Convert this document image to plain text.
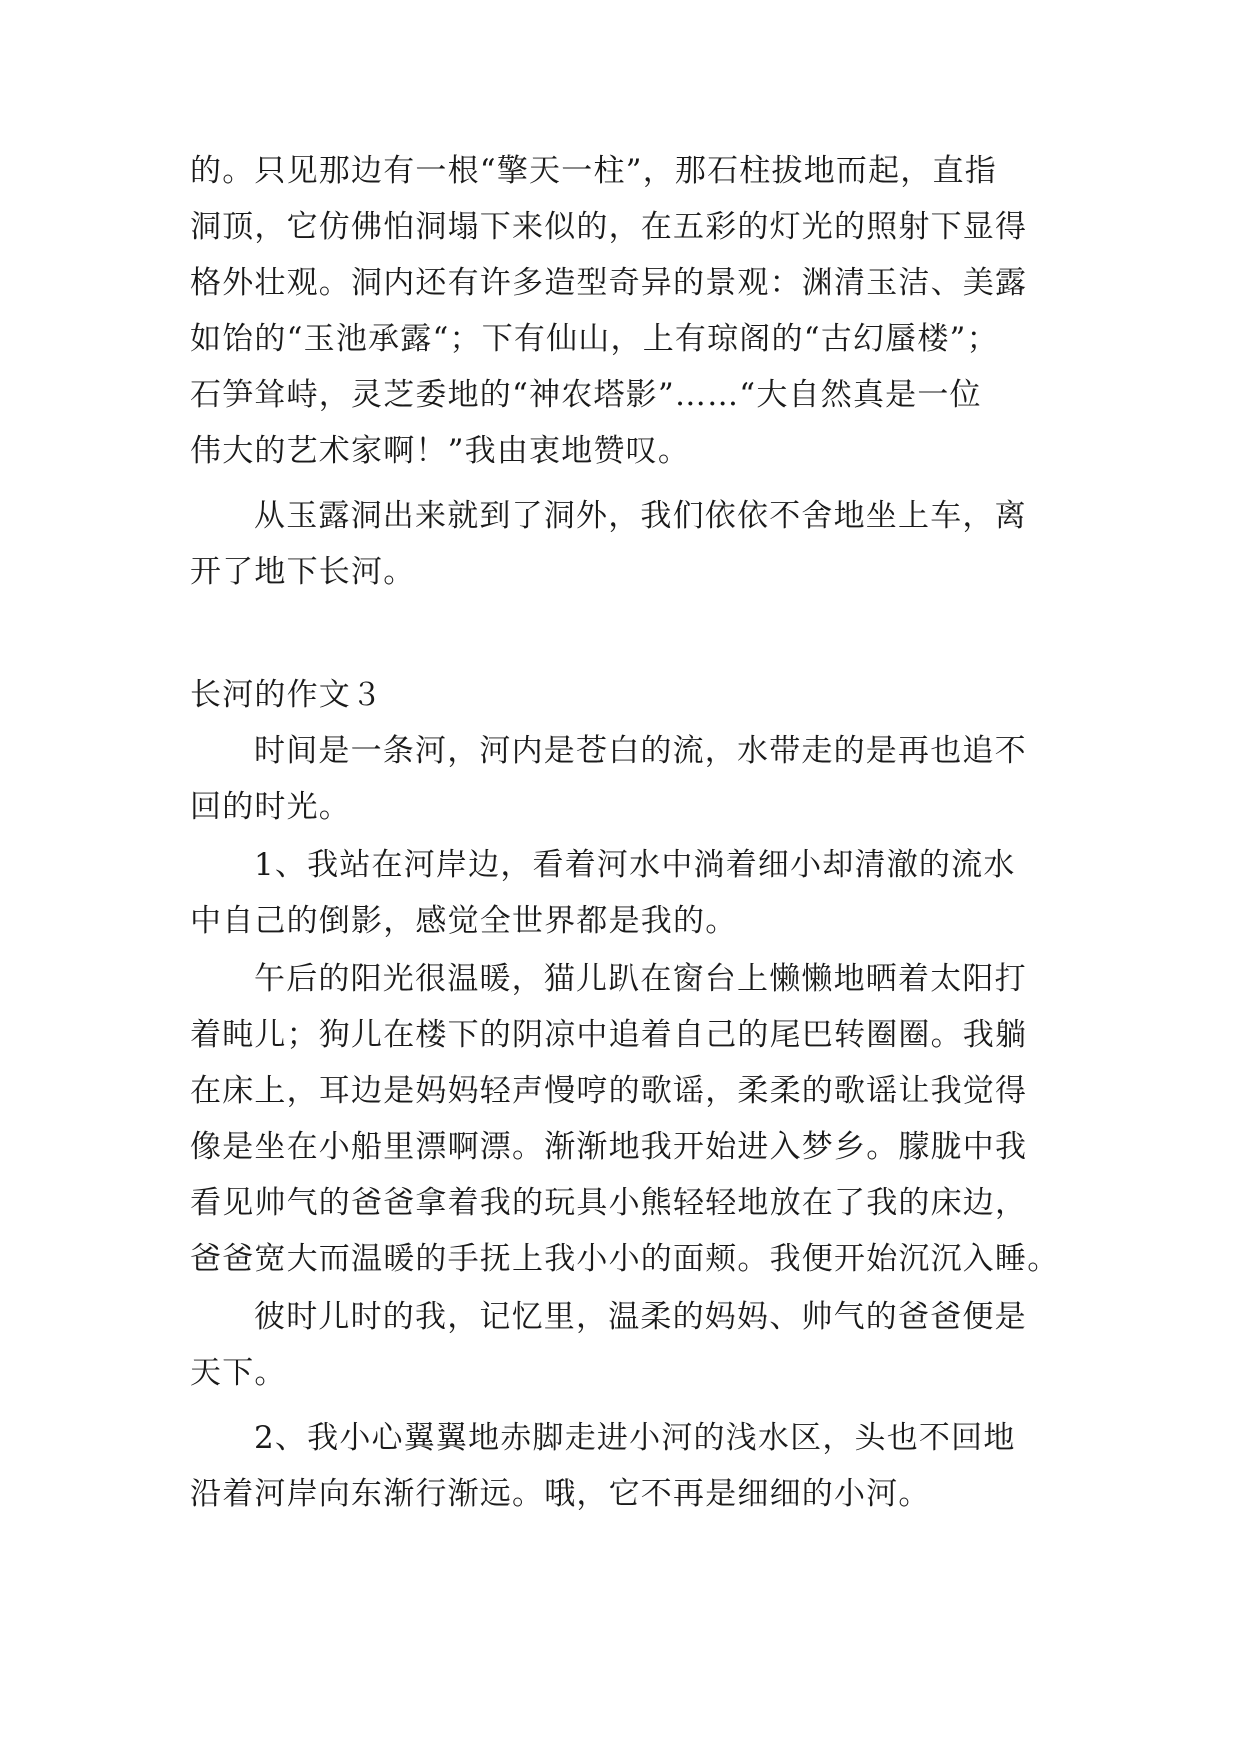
的。只见那边有一根“擎天一柱”，那石柱拔地而起，直指
洞顶，它仿佛怕洞塌下来似的，在五彩的灯光的照射下显得
格外壮观。洞内还有许多造型奇异的景观：渊清玉洁、美露
如饴的“玉池承露“；下有仙山，上有琼阁的“古幻蜃楼”；
石笋耸峙，灵芝委地的“神农塔影”……“大自然真是一位
伟大的艺术家啊！”我由衷地赞叹。
从玉露洞出来就到了洞外，我们依依不舍地坐上车，离
开了地下长河。
长河的作文３
时间是一条河，河内是苍白的流，水带走的是再也追不
回的时光。
1、我站在河岸边，看着河水中淌着细小却清澈的流水
中自己的倒影，感觉全世界都是我的。
午后的阳光很温暖，猫儿趴在窗台上懒懒地晒着太阳打
着盹儿；狗儿在楼下的阴凉中追着自己的尾巴转圈圈。我躺
在床上，耳边是妈妈轻声慢哼的歌谣，柔柔的歌谣让我觉得
像是坐在小船里漂啊漂。渐渐地我开始进入梦乡。朦胧中我
看见帅气的爸爸拿着我的玩具小熊轻轻地放在了我的床边，
爸爸宽大而温暖的手抚上我小小的面颊。我便开始沉沉入睡。
彼时儿时的我，记忆里，温柔的妈妈、帅气的爸爸便是
天下。
2、我小心翼翼地赤脚走进小河的浅水区，头也不回地
沿着河岸向东渐行渐远。哦，它不再是细细的小河。
